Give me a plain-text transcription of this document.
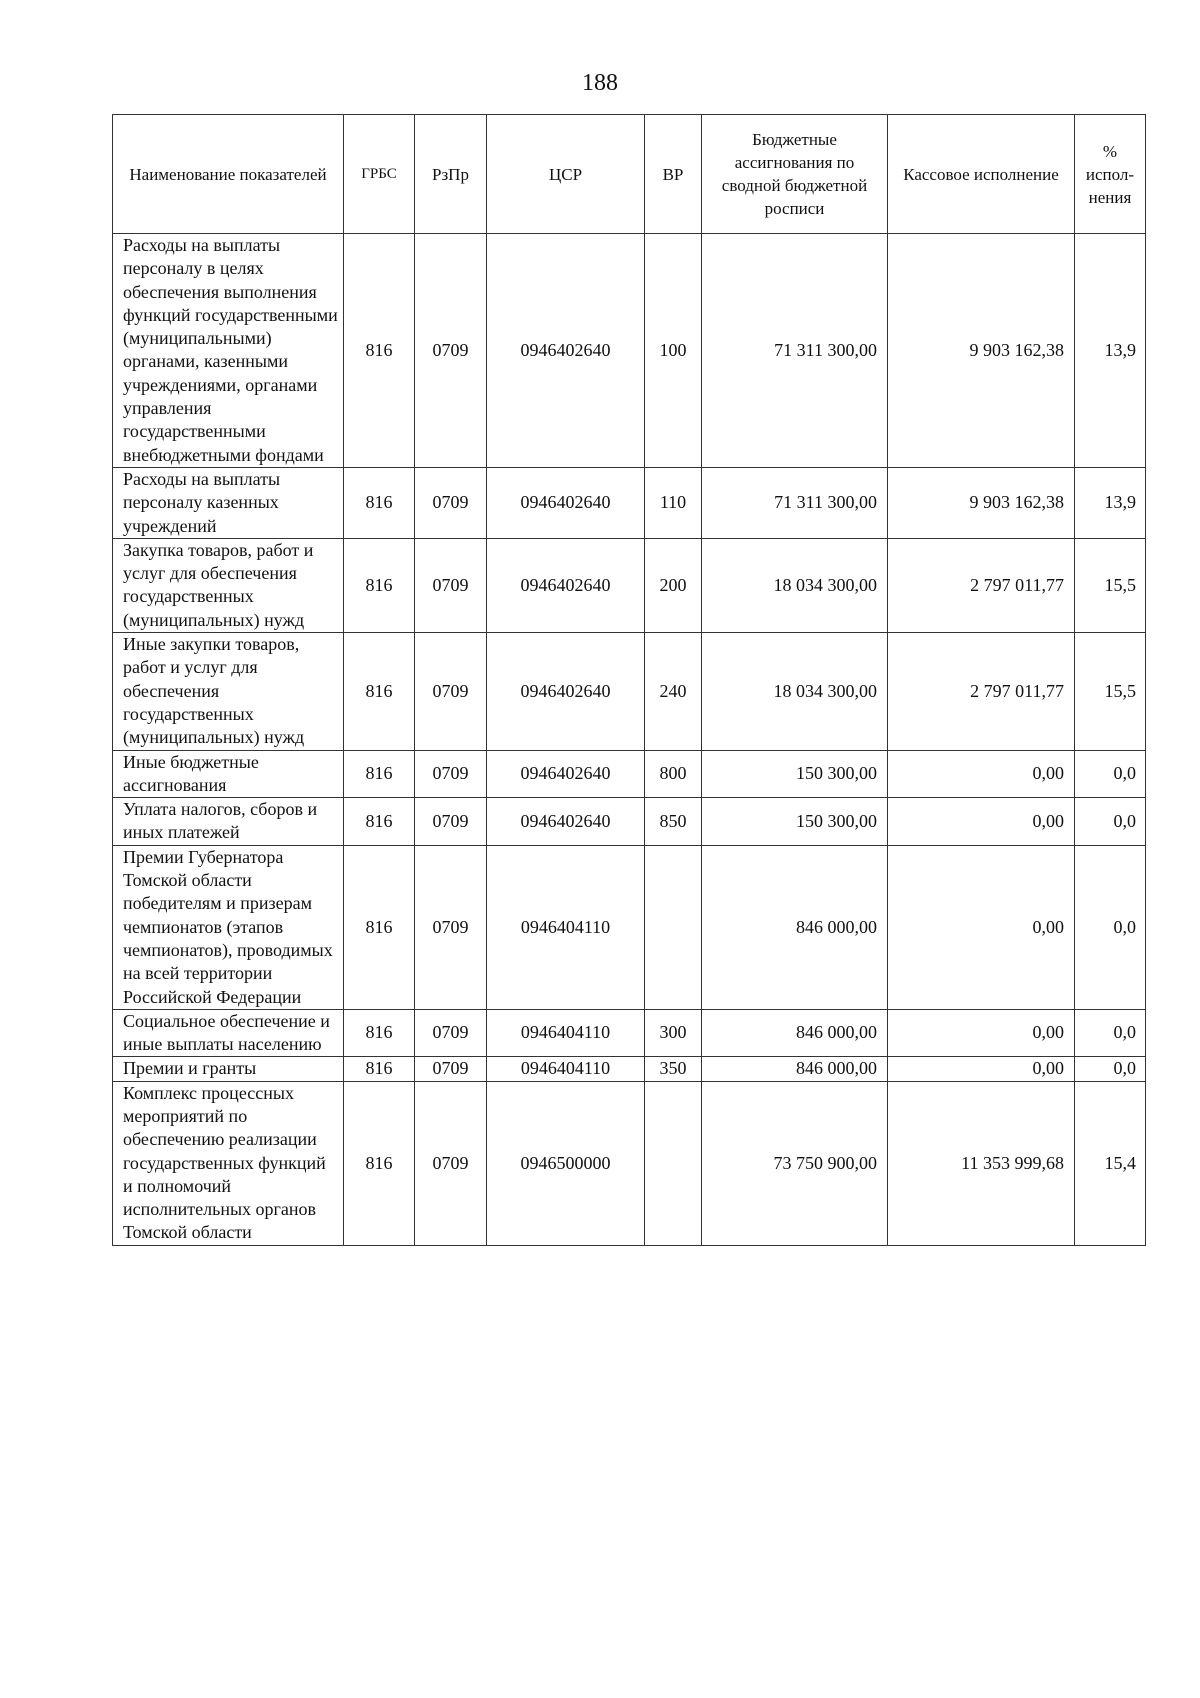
188
Наименование показателей	ГРБС	РзПр	ЦСР	ВР	Бюджетные ассигнования по сводной бюджетной росписи	Кассовое исполнение	% испол-нения
Расходы на выплаты персоналу в целях обеспечения выполнения функций государственными (муниципальными) органами, казенными учреждениями, органами управления государственными внебюджетными фондами	816	0709	0946402640	100	71 311 300,00	9 903 162,38	13,9
Расходы на выплаты персоналу казенных учреждений	816	0709	0946402640	110	71 311 300,00	9 903 162,38	13,9
Закупка товаров, работ и услуг для обеспечения государственных (муниципальных) нужд	816	0709	0946402640	200	18 034 300,00	2 797 011,77	15,5
Иные закупки товаров, работ и услуг для обеспечения государственных (муниципальных) нужд	816	0709	0946402640	240	18 034 300,00	2 797 011,77	15,5
Иные бюджетные ассигнования	816	0709	0946402640	800	150 300,00	0,00	0,0
Уплата налогов, сборов и иных платежей	816	0709	0946402640	850	150 300,00	0,00	0,0
Премии Губернатора Томской области победителям и призерам чемпионатов (этапов чемпионатов), проводимых на всей территории Российской Федерации	816	0709	0946404110		846 000,00	0,00	0,0
Социальное обеспечение и иные выплаты населению	816	0709	0946404110	300	846 000,00	0,00	0,0
Премии и гранты	816	0709	0946404110	350	846 000,00	0,00	0,0
Комплекс процессных мероприятий по обеспечению реализации государственных функций и полномочий исполнительных органов Томской области	816	0709	0946500000		73 750 900,00	11 353 999,68	15,4
